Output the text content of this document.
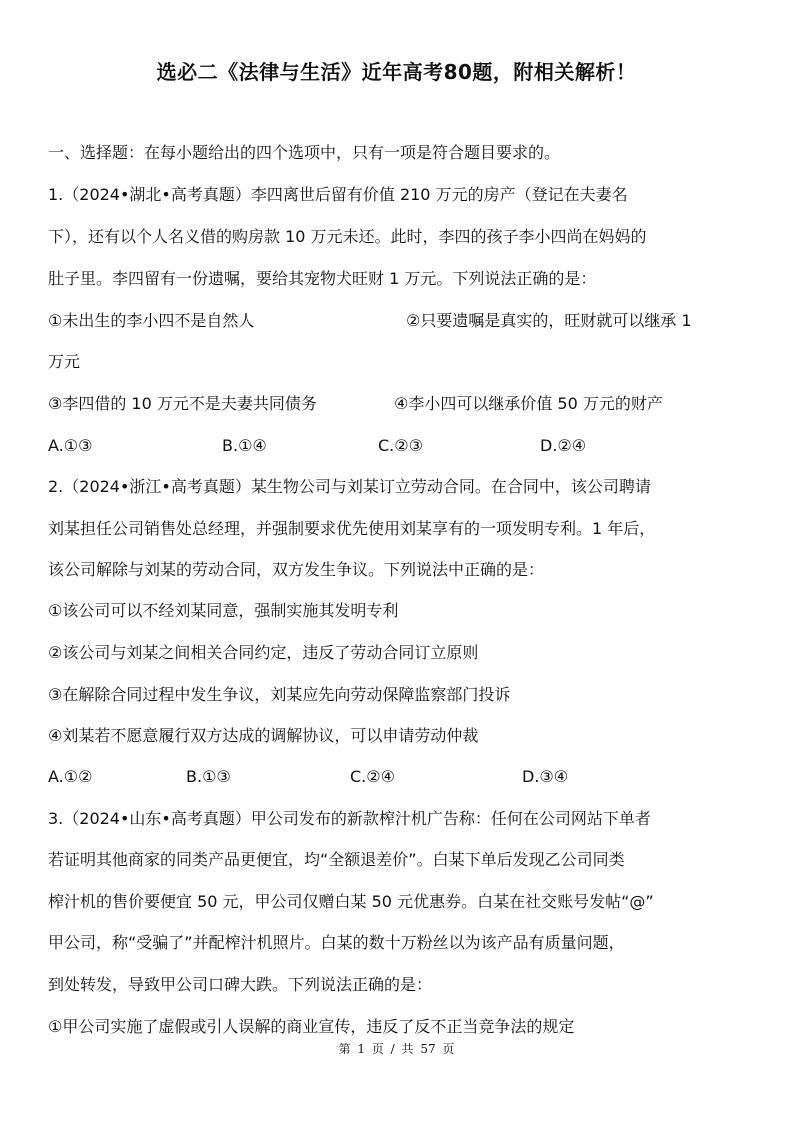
选必二《法律与生活》近年高考80题，附相关解析！
一、选择题：在每小题给出的四个选项中，只有一项是符合题目要求的。
1.（2024•湖北•高考真题）李四离世后留有价值 210 万元的房产（登记在夫妻名
下），还有以个人名义借的购房款 10 万元未还。此时，李四的孩子李小四尚在妈妈的
肚子里。李四留有一份遗嘱，要给其宠物犬旺财 1 万元。下列说法正确的是：
①未出生的李小四不是自然人	②只要遗嘱是真实的，旺财就可以继承 1
万元
③李四借的 10 万元不是夫妻共同债务	④李小四可以继承价值 50 万元的财产
A.①③	B.①④	C.②③	D.②④
2.（2024•浙江•高考真题）某生物公司与刘某订立劳动合同。在合同中，该公司聘请
刘某担任公司销售处总经理，并强制要求优先使用刘某享有的一项发明专利。1 年后，
该公司解除与刘某的劳动合同，双方发生争议。下列说法中正确的是：
①该公司可以不经刘某同意，强制实施其发明专利
②该公司与刘某之间相关合同约定，违反了劳动合同订立原则
③在解除合同过程中发生争议，刘某应先向劳动保障监察部门投诉
④刘某若不愿意履行双方达成的调解协议，可以申请劳动仲裁
A.①②	B.①③	C.②④	D.③④
3.（2024•山东•高考真题）甲公司发布的新款榨汁机广告称：任何在公司网站下单者
若证明其他商家的同类产品更便宜，均“全额退差价”。白某下单后发现乙公司同类
榨汁机的售价要便宜 50 元，甲公司仅赠白某 50 元优惠券。白某在社交账号发帖“@”
甲公司，称“受骗了”并配榨汁机照片。白某的数十万粉丝以为该产品有质量问题，
到处转发，导致甲公司口碑大跌。下列说法正确的是：
①甲公司实施了虚假或引人误解的商业宣传，违反了反不正当竞争法的规定
第 1 页 / 共 57 页
